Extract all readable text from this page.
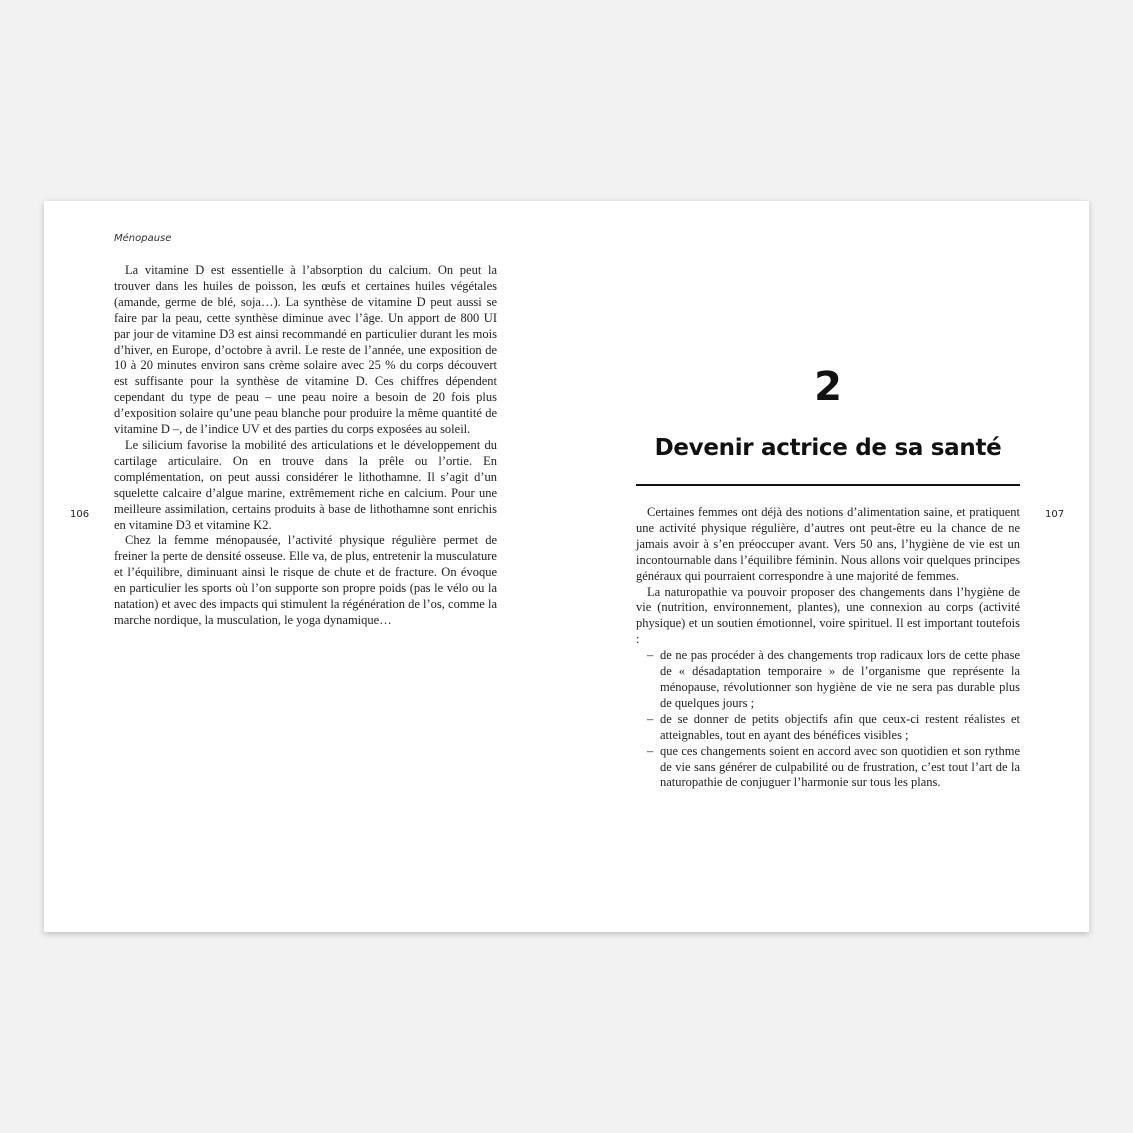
Ménopause
106	107

La vitamine D est essentielle à l’absorption du calcium. On peut la trouver dans les huiles de poisson, les œufs et certaines huiles végétales (amande, germe de blé, soja…). La synthèse de vitamine D peut aussi se faire par la peau, cette synthèse diminue avec l’âge. Un apport de 800 UI par jour de vitamine D3 est ainsi recommandé en particulier durant les mois d’hiver, en Europe, d’octobre à avril. Le reste de l’année, une exposition de 10 à 20 minutes environ sans crème solaire avec 25 % du corps découvert est suffisante pour la synthèse de vitamine D. Ces chiffres dépendent cependant du type de peau – une peau noire a besoin de 20 fois plus d’exposition solaire qu’une peau blanche pour produire la même quantité de vitamine D –, de l’indice UV et des parties du corps exposées au soleil.

Le silicium favorise la mobilité des articulations et le développement du cartilage articulaire. On en trouve dans la prêle ou l’ortie. En complémentation, on peut aussi considérer le lithothamne. Il s’agit d’un squelette calcaire d’algue marine, extrêmement riche en calcium. Pour une meilleure assimilation, certains produits à base de lithothamne sont enrichis en vitamine D3 et vitamine K2.

Chez la femme ménopausée, l’activité physique régulière permet de freiner la perte de densité osseuse. Elle va, de plus, entretenir la musculature et l’équilibre, diminuant ainsi le risque de chute et de fracture. On évoque en particulier les sports où l’on supporte son propre poids (pas le vélo ou la natation) et avec des impacts qui stimulent la régénération de l’os, comme la marche nordique, la musculation, le yoga dynamique…

2
Devenir actrice de sa santé

Certaines femmes ont déjà des notions d’alimentation saine, et pratiquent une activité physique régulière, d’autres ont peut-être eu la chance de ne jamais avoir à s’en préoccuper avant. Vers 50 ans, l’hygiène de vie est un incontournable dans l’équilibre féminin. Nous allons voir quelques principes généraux qui pourraient correspondre à une majorité de femmes.

La naturopathie va pouvoir proposer des changements dans l’hygiène de vie (nutrition, environnement, plantes), une connexion au corps (activité physique) et un soutien émotionnel, voire spirituel. Il est important toutefois :

– de ne pas procéder à des changements trop radicaux lors de cette phase de « désadaptation temporaire » de l’organisme que représente la ménopause, révolutionner son hygiène de vie ne sera pas durable plus de quelques jours ;
– de se donner de petits objectifs afin que ceux-ci restent réalistes et atteignables, tout en ayant des bénéfices visibles ;
– que ces changements soient en accord avec son quotidien et son rythme de vie sans générer de culpabilité ou de frustration, c’est tout l’art de la naturopathie de conjuguer l’harmonie sur tous les plans.
